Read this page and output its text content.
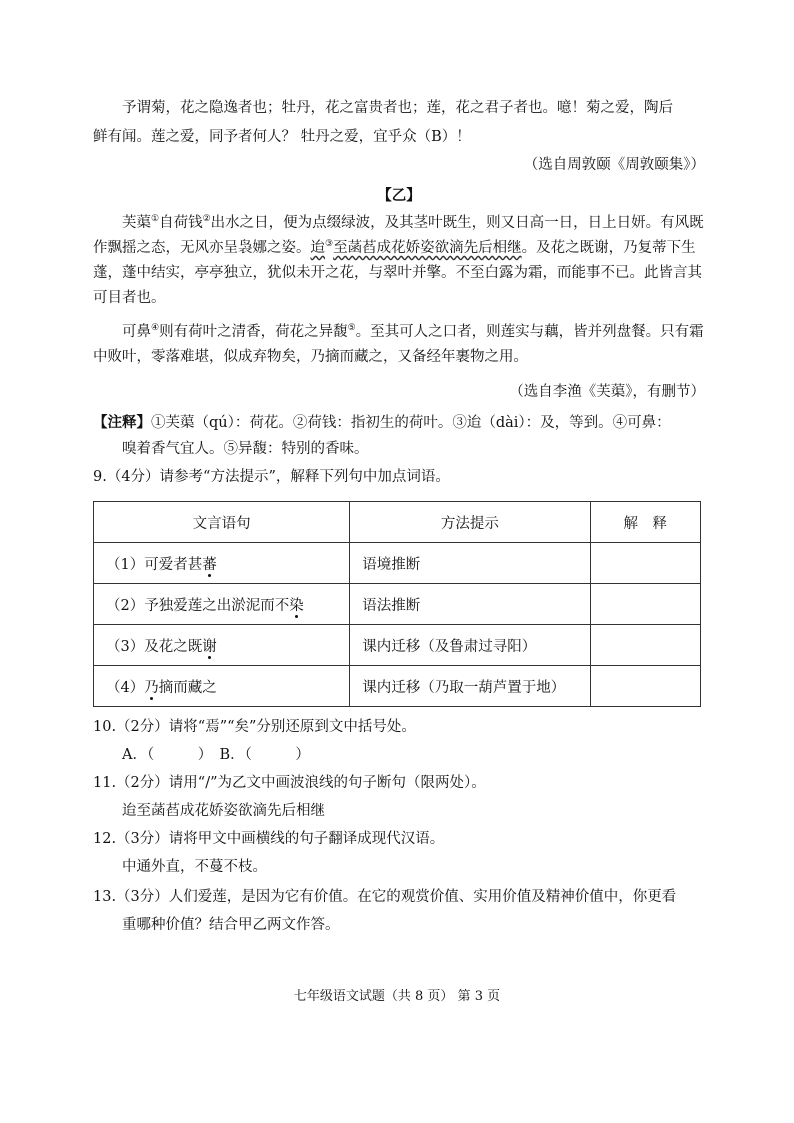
予谓菊，花之隐逸者也；牡丹，花之富贵者也；莲，花之君子者也。噫！菊之爱，陶后

鲜有闻。莲之爱，同予者何人？ 牡丹之爱，宜乎众（B）！

（选自周敦颐《周敦颐集》）

【乙】

芙蕖①自荷钱②出水之日，便为点缀绿波，及其茎叶既生，则又日高一日，日上日妍。有风既作飘摇之态，无风亦呈袅娜之姿。迨③至菡萏成花娇姿欲滴先后相继。及花之既谢，乃复蒂下生蓬，蓬中结实，亭亭独立，犹似未开之花，与翠叶并擎。不至白露为霜，而能事不已。此皆言其可目者也。

可鼻④则有荷叶之清香，荷花之异馥⑤。至其可人之口者，则莲实与藕，皆并列盘餐。只有霜中败叶，零落难堪，似成弃物矣，乃摘而藏之，又备经年裹物之用。

（选自李渔《芙蕖》，有删节）

【注释】①芙蕖（qú）：荷花。②荷钱：指初生的荷叶。③迨（dài）：及，等到。④可鼻：

嗅着香气宜人。⑤异馥：特别的香味。

9.（4分）请参考“方法提示”，解释下列句中加点词语。

文言语句	方法提示	解　释
（1）可爱者甚蕃	语境推断	
（2）予独爱莲之出淤泥而不染	语法推断	
（3）及花之既谢	课内迁移（及鲁肃过寻阳）	
（4）乃摘而藏之	课内迁移（乃取一葫芦置于地）	

10.（2分）请将“焉”“矣”分别还原到文中括号处。

A．（　　　）　B．（　　　）

11.（2分）请用“/”为乙文中画波浪线的句子断句（限两处）。

迨至菡萏成花娇姿欲滴先后相继

12.（3分）请将甲文中画横线的句子翻译成现代汉语。

中通外直，不蔓不枝。

13.（3分）人们爱莲，是因为它有价值。在它的观赏价值、实用价值及精神价值中，你更看

重哪种价值？结合甲乙两文作答。

七年级语文试题（共 8 页） 第 3 页
